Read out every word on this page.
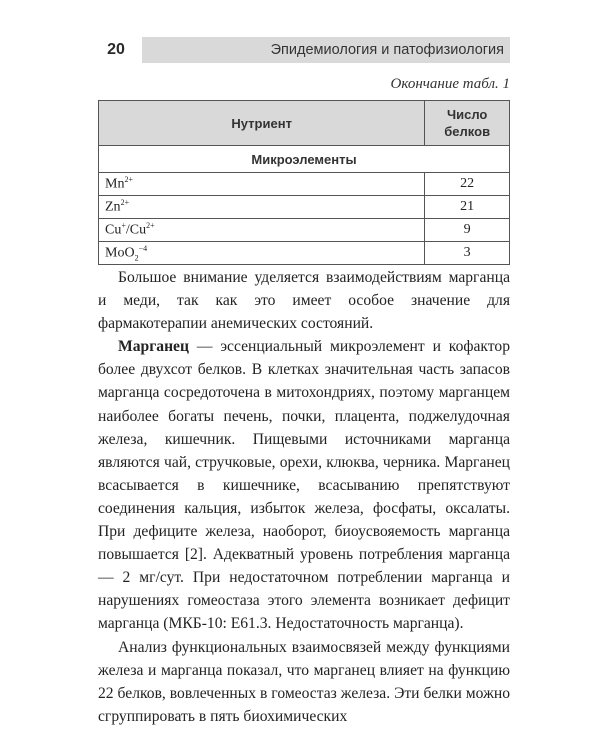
20	Эпидемиология и патофизиология
Окончание табл. 1
Нутриент	Число
белков
Микроэлементы	
$Mn^{2+}$	22
$Zn^{2+}$	21
$Cu^+/Cu^{2+}$	9
MoO$_2^{-4}$	3

Большое внимание уделяется взаимодействиям марганца и меди, так как это имеет особое значение для фармакотерапии анемических состояний.

Марганец — эссенциальный микроэлемент и кофактор более двухсот белков. В клетках значительная часть запасов марганца сосредоточена в митохондриях, поэтому марганцем наиболее богаты печень, почки, плацента, поджелудочная железа, кишечник. Пищевыми источниками марганца являются чай, стручковые, орехи, клюква, черника. Марганец всасывается в кишечнике, всасыванию препятствуют соединения кальция, избыток железа, фосфаты, оксалаты. При дефиците железа, наоборот, биоусвояемость марганца повышается [2]. Адекватный уровень потребления марганца — 2 мг/сут. При недостаточном потреблении марганца и нарушениях гомеостаза этого элемента возникает дефицит марганца (МКБ-10: E61.3. Недостаточность марганца).

Анализ функциональных взаимосвязей между функциями железа и марганца показал, что марганец влияет на функцию 22 белков, вовлеченных в гомеостаз железа. Эти белки можно сгруппировать в пять биохимических
